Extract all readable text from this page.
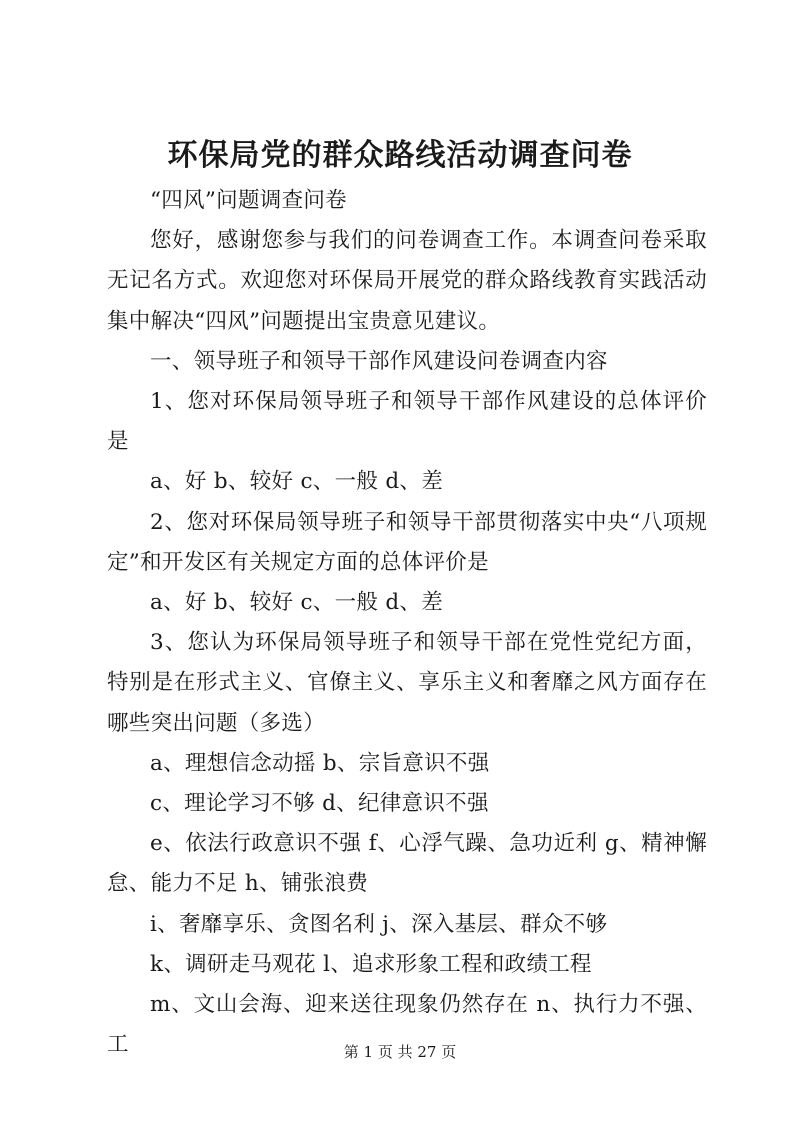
环保局党的群众路线活动调查问卷

“四风”问题调查问卷

您好，感谢您参与我们的问卷调查工作。本调查问卷采取无记名方式。欢迎您对环保局开展党的群众路线教育实践活动集中解决“四风”问题提出宝贵意见建议。

一、领导班子和领导干部作风建设问卷调查内容

1、您对环保局领导班子和领导干部作风建设的总体评价是

a、好 b、较好 c、一般 d、差

2、您对环保局领导班子和领导干部贯彻落实中央“八项规定”和开发区有关规定方面的总体评价是

a、好 b、较好 c、一般 d、差

3、您认为环保局领导班子和领导干部在党性党纪方面，特别是在形式主义、官僚主义、享乐主义和奢靡之风方面存在哪些突出问题（多选）

a、理想信念动摇 b、宗旨意识不强

c、理论学习不够 d、纪律意识不强

e、依法行政意识不强 f、心浮气躁、急功近利 g、精神懈怠、能力不足 h、铺张浪费

i、奢靡享乐、贪图名利 j、深入基层、群众不够

k、调研走马观花 l、追求形象工程和政绩工程

m、文山会海、迎来送往现象仍然存在 n、执行力不强、工	第 1 页 共 27 页
